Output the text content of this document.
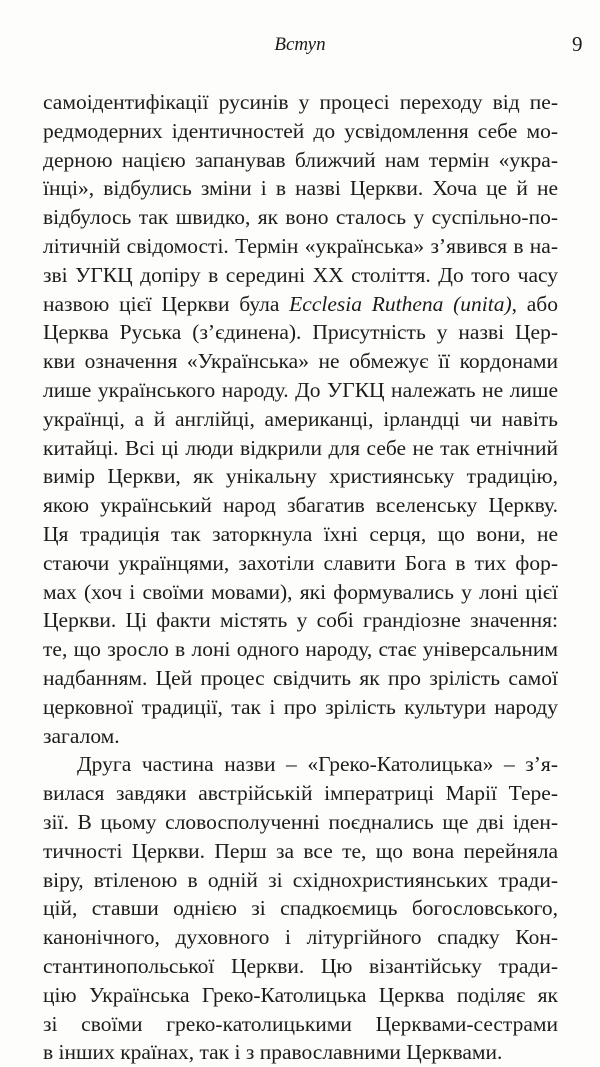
Вступ	9
самоідентифікації русинів у процесі переходу від пе-
редмодерних ідентичностей до усвідомлення себе мо-
дерною нацією запанував ближчий нам термін «укра-
їнці», відбулись зміни і в назві Церкви. Хоча це й не
відбулось так швидко, як воно сталось у суспільно-по-
літичній свідомості. Термін «українська» з’явився в на-
зві УГКЦ допіру в середині ХХ століття. До того часу
назвою цієї Церкви була Ecclesia Ruthena (unita), або
Церква Руська (з’єдинена). Присутність у назві Цер-
кви означення «Українська» не обмежує її кордонами
лише українського народу. До УГКЦ належать не лише
українці, а й англійці, американці, ірландці чи навіть
китайці. Всі ці люди відкрили для себе не так етнічний
вимір Церкви, як унікальну християнську традицію,
якою український народ збагатив вселенську Церкву.
Ця традиція так заторкнула їхні серця, що вони, не
стаючи українцями, захотіли славити Бога в тих фор-
мах (хоч і своїми мовами), які формувались у лоні цієї
Церкви. Ці факти містять у собі грандіозне значення:
те, що зросло в лоні одного народу, стає універсальним
надбанням. Цей процес свідчить як про зрілість самої
церковної традиції, так і про зрілість культури народу
загалом.
Друга частина назви – «Греко-Католицька» – з’я-
вилася завдяки австрійській імператриці Марії Тере-
зії. В цьому словосполученні поєднались ще дві іден-
тичності Церкви. Перш за все те, що вона перейняла
віру, втіленою в одній зі східнохристиянських тради-
цій, ставши однією зі спадкоємиць богословського,
канонічного, духовного і літургійного спадку Кон-
стантинопольської Церкви. Цю візантійську тради-
цію Українська Греко-Католицька Церква поділяє як
зі своїми греко-католицькими Церквами-сестрами
в інших країнах, так і з православними Церквами.
